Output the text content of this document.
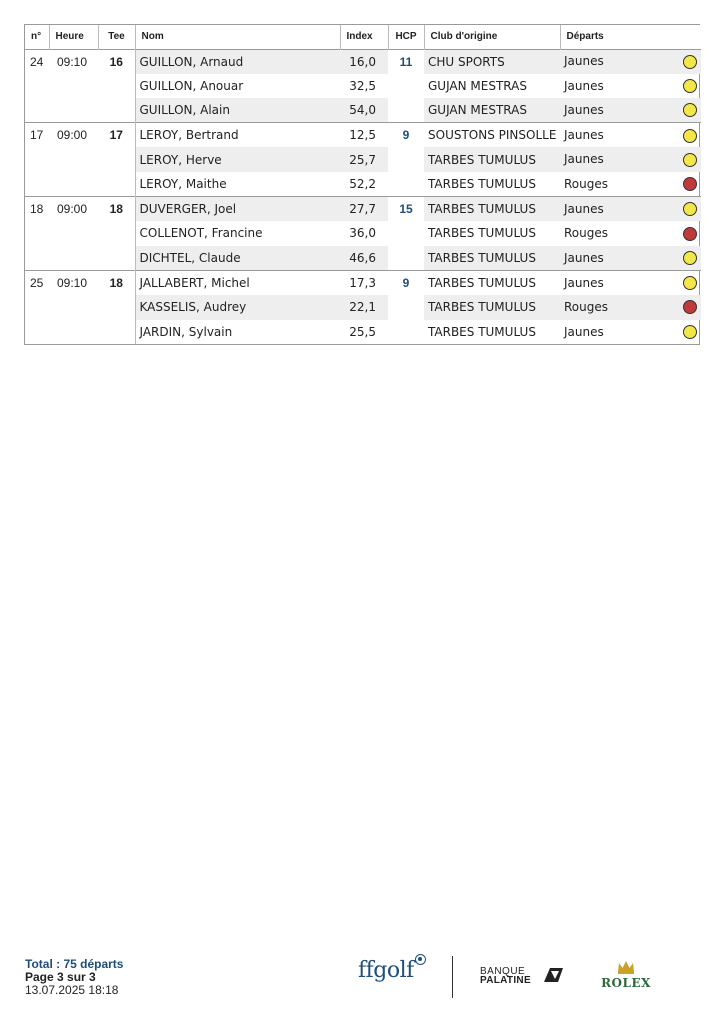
n°	Heure	Tee	Nom	Index	HCP	Club d'origine	Départs
24	09:10	16	GUILLON, Arnaud	16,0	11	CHU SPORTS	Jaunes

			GUILLON, Anouar	32,5		GUJAN MESTRAS	Jaunes

			GUILLON, Alain	54,0		GUJAN MESTRAS	Jaunes

17	09:00	17	LEROY, Bertrand	12,5	9	SOUSTONS PINSOLLE	Jaunes

			LEROY, Herve	25,7		TARBES TUMULUS	Jaunes

			LEROY, Maithe	52,2		TARBES TUMULUS	Rouges

18	09:00	18	DUVERGER, Joel	27,7	15	TARBES TUMULUS	Jaunes

			COLLENOT, Francine	36,0		TARBES TUMULUS	Rouges

			DICHTEL, Claude	46,6		TARBES TUMULUS	Jaunes

25	09:10	18	JALLABERT, Michel	17,3	9	TARBES TUMULUS	Jaunes

			KASSELIS, Audrey	22,1		TARBES TUMULUS	Rouges

			JARDIN, Sylvain	25,5		TARBES TUMULUS	Jaunes
Total : 75 départs
Page 3 sur 3
13.07.2025 18:18
ffgolf	BANQUE
PALATINE	ROLEX
